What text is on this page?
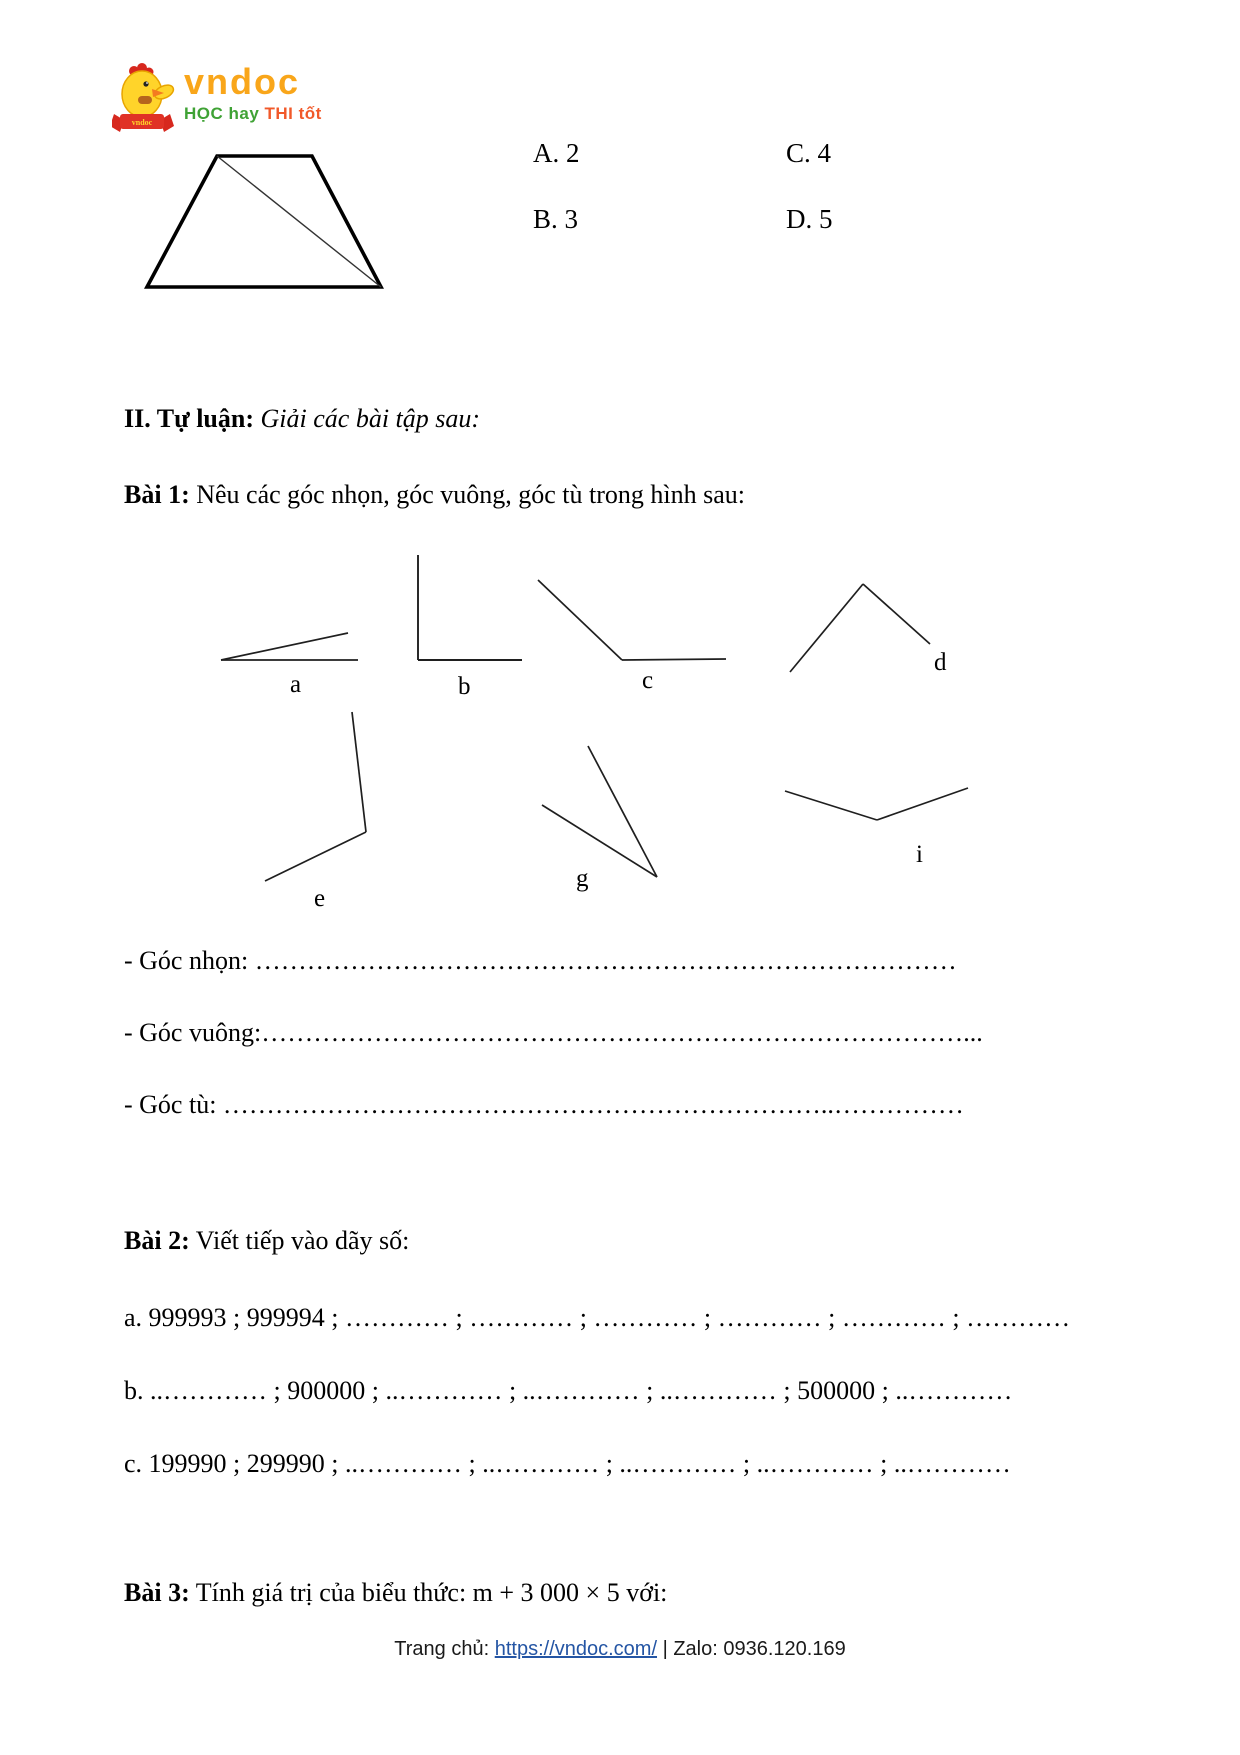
vndoc
vndoc
HỌC hay THI tốt
A. 2
B. 3
C. 4
D. 5
II. Tự luận: Giải các bài tập sau:
Bài 1: Nêu các góc nhọn, góc vuông, góc tù trong hình sau:
a	b	c
d
e
g
i
- Góc nhọn: ………………………………………………………………………
- Góc vuông:………………………………………………………………………...
- Góc tù: ……………………………………………………………..……………
Bài 2: Viết tiếp vào dãy số:
a. 999993 ; 999994 ; ………… ; ………… ; ………… ; ………… ; ………… ; …………
b. ..………… ; 900000 ; ..………… ; ..………… ; ..………… ; 500000 ; ..…………
c. 199990 ; 299990 ; ..………… ; ..………… ; ..………… ; ..………… ; ..…………
Bài 3: Tính giá trị của biểu thức: m + 3 000 × 5 với:
Trang chủ: https://vndoc.com/ | Zalo: 0936.120.169
